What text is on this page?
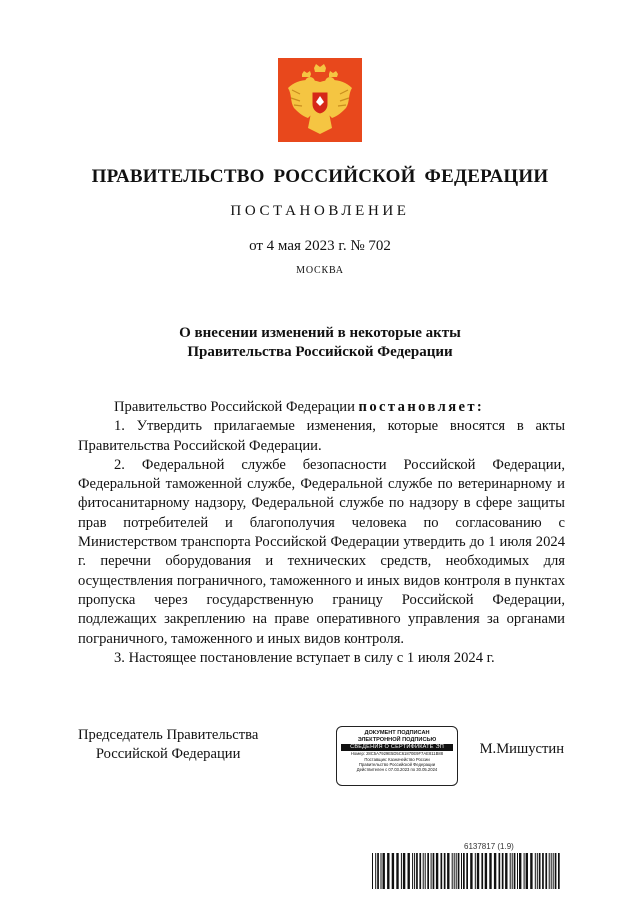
ПРАВИТЕЛЬСТВО РОССИЙСКОЙ ФЕДЕРАЦИИ
ПОСТАНОВЛЕНИЕ
от 4 мая 2023 г. № 702
МОСКВА
О внесении изменений в некоторые акты
Правительства Российской Федерации

Правительство Российской Федерации постановляет:

1. Утвердить прилагаемые изменения, которые вносятся в акты Правительства Российской Федерации.

2. Федеральной службе безопасности Российской Федерации, Федеральной таможенной службе, Федеральной службе по ветеринарному и фитосанитарному надзору, Федеральной службе по надзору в сфере защиты прав потребителей и благополучия человека по согласованию с Министерством транспорта Российской Федерации утвердить до 1 июля 2024 г. перечни оборудования и технических средств, необходимых для осуществления пограничного, таможенного и иных видов контроля в пунктах пропуска через государственную границу Российской Федерации, подлежащих закреплению на праве оперативного управления за органами пограничного, таможенного и иных видов контроля.

3. Настоящее постановление вступает в силу с 1 июля 2024 г.

Председатель Правительства
Российской Федерации
ДОКУМЕНТ ПОДПИСАН
ЭЛЕКТРОННОЙ ПОДПИСЬЮ
СВЕДЕНИЯ О СЕРТИФИКАТЕ ЭП
Номер: 28C5A7929E5D5C61870E9F7AE811B88
Поставщик: Казначейство России
Правительство Российской Федерации
Действителен с 07.03.2023 по 30.05.2024
М.Мишустин
6137817 (1.9)
